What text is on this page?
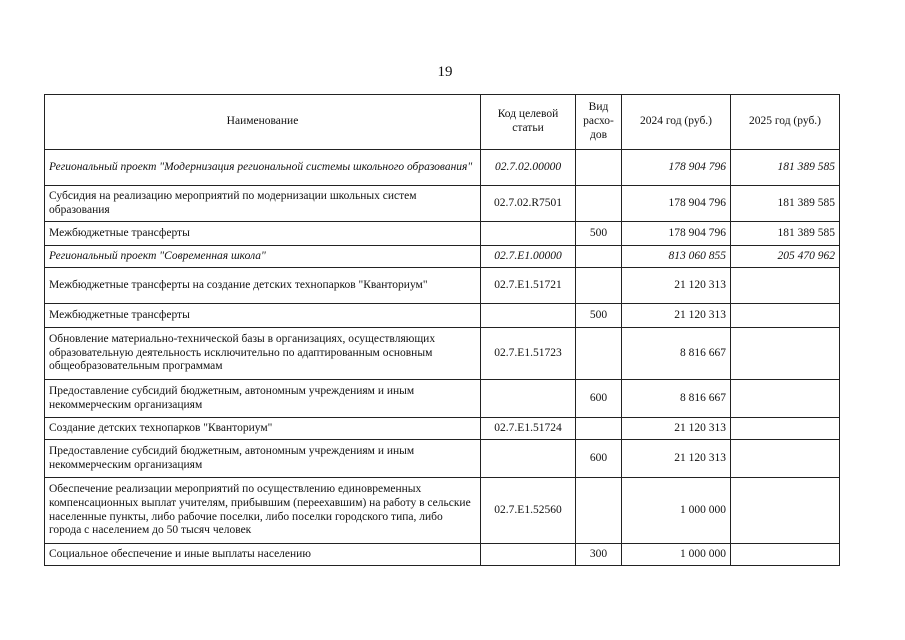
19
Наименование	Код целевой статьи	Вид расхо-дов	2024 год (руб.)	2025 год (руб.)
Региональный проект "Модернизация региональной системы школьного образования"	02.7.02.00000		178 904 796	181 389 585
Субсидия на реализацию мероприятий по модернизации школьных систем образования	02.7.02.R7501		178 904 796	181 389 585
Межбюджетные трансферты		500	178 904 796	181 389 585
Региональный проект "Современная школа"	02.7.Е1.00000		813 060 855	205 470 962
Межбюджетные трансферты на создание детских технопарков "Кванториум"	02.7.Е1.51721		21 120 313	
Межбюджетные трансферты		500	21 120 313	
Обновление материально-технической базы в организациях, осуществляющих образовательную деятельность исключительно по адаптированным основным общеобразовательным программам	02.7.Е1.51723		8 816 667	
Предоставление субсидий бюджетным, автономным учреждениям и иным некоммерческим организациям		600	8 816 667	
Создание детских технопарков "Кванториум"	02.7.Е1.51724		21 120 313	
Предоставление субсидий бюджетным, автономным учреждениям и иным некоммерческим организациям		600	21 120 313	
Обеспечение реализации мероприятий по осуществлению единовременных компенсационных выплат учителям, прибывшим (переехавшим) на работу в сельские населенные пункты, либо рабочие поселки, либо поселки городского типа, либо города с населением до 50 тысяч человек	02.7.Е1.52560		1 000 000	
Социальное обеспечение и иные выплаты населению		300	1 000 000	
